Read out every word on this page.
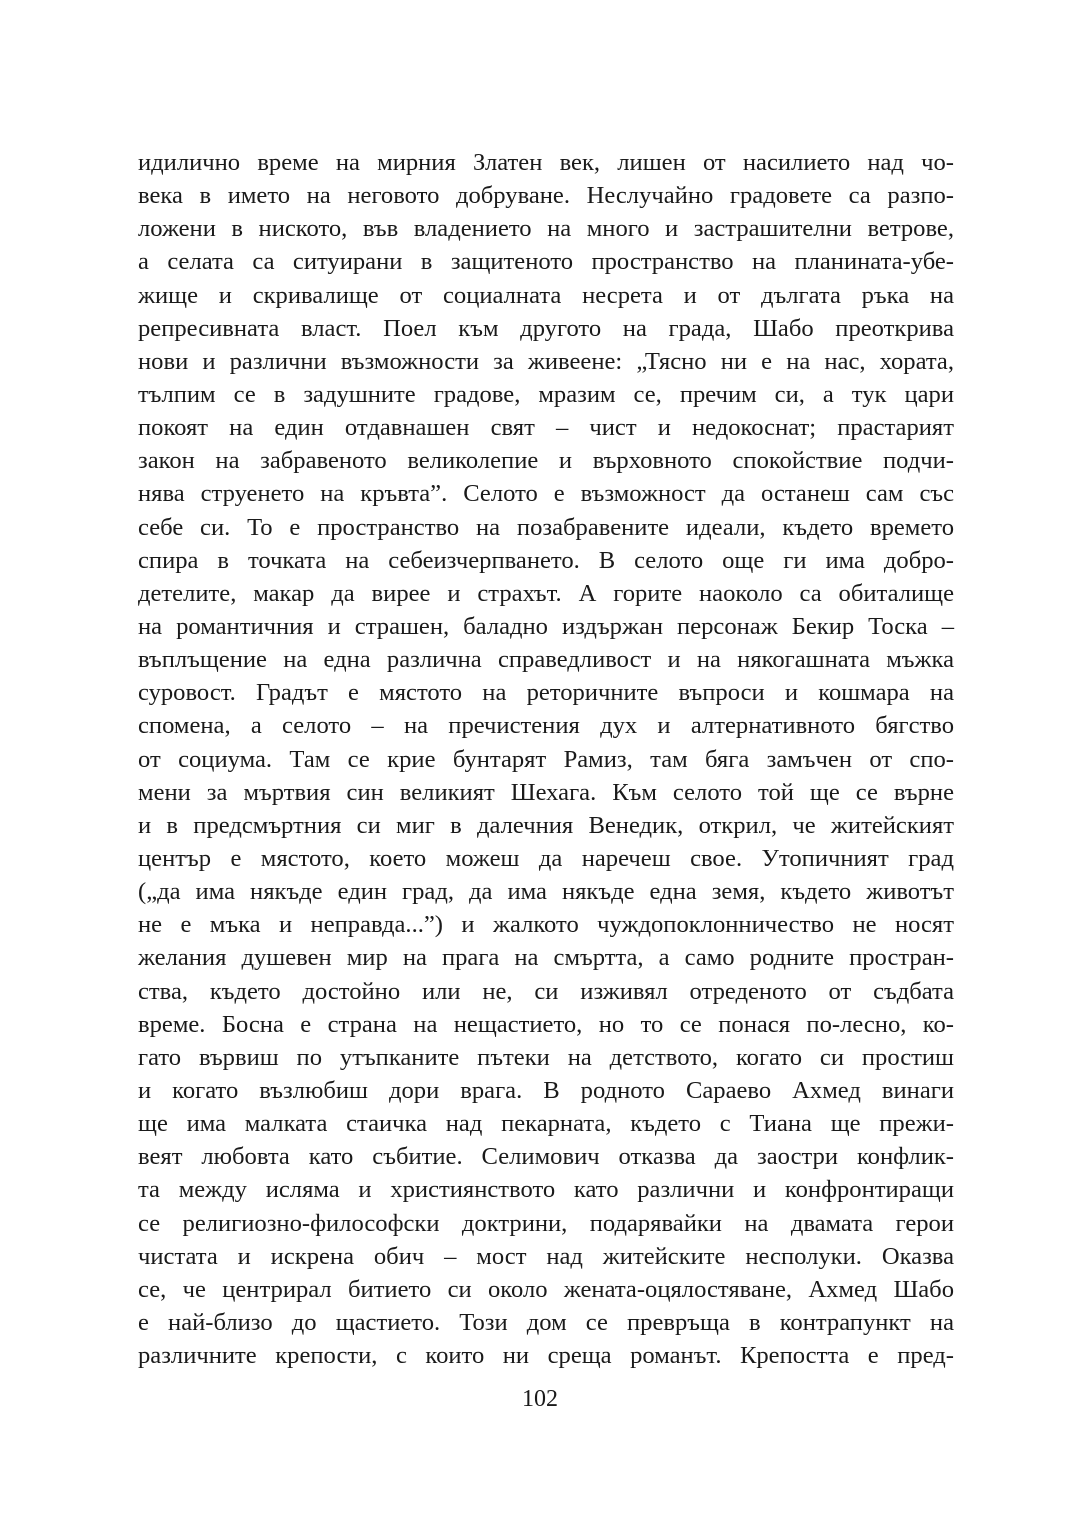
идилично време на мирния Златен век, лишен от насилието над чо-
века в името на неговото добруване. Неслучайно градовете са разпо-
ложени в ниското, във владението на много и застрашителни ветрове,
а селата са ситуирани в защитеното пространство на планината-убе-
жище и скривалище от социалната несрета и от дългата ръка на
репресивната власт. Поел към другото на града, Шабо преоткрива
нови и различни възможности за живеене: „Тясно ни е на нас, хората,
тълпим се в задушните градове, мразим се, пречим си, а тук цари
покоят на един отдавнашен свят – чист и недокоснат; прастарият
закон на забравеното великолепие и върховното спокойствие подчи-
нява струенето на кръвта”. Селото е възможност да останеш сам със
себе си. То е пространство на позабравените идеали, където времето
спира в точката на себеизчерпването. В селото още ги има добро-
детелите, макар да вирее и страхът. А горите наоколо са обиталище
на романтичния и страшен, баладно издържан персонаж Бекир Тоска –
въплъщение на една различна справедливост и на някогашната мъжка
суровост. Градът е мястото на реторичните въпроси и кошмара на
спомена, а селото – на пречистения дух и алтернативното бягство
от социума. Там се крие бунтарят Рамиз, там бяга замъчен от спо-
мени за мъртвия син великият Шехага. Към селото той ще се върне
и в предсмъртния си миг в далечния Венедик, открил, че житейският
център е мястото, което можеш да наречеш свое. Утопичният град
(„да има някъде един град, да има някъде една земя, където животът
не е мъка и неправда...”) и жалкото чуждопоклонничество не носят
желания душевен мир на прага на смъртта, а само родните простран-
ства, където достойно или не, си изживял отреденото от съдбата
време. Босна е страна на нещастието, но то се понася по-лесно, ко-
гато вървиш по утъпканите пътеки на детството, когато си простиш
и когато възлюбиш дори врага. В родното Сараево Ахмед винаги
ще има малката стаичка над пекарната, където с Тиана ще прежи-
веят любовта като събитие. Селимович отказва да заостри конфлик-
та между исляма и християнството като различни и конфронтиращи
се религиозно-философски доктрини, подарявайки на двамата герои
чистата и искрена обич – мост над житейските несполуки. Оказва
се, че центрирал битието си около жената-оцялостяване, Ахмед Шабо
е най-близо до щастието. Този дом се превръща в контрапункт на
различните крепости, с които ни среща романът. Крепостта е пред-
102
